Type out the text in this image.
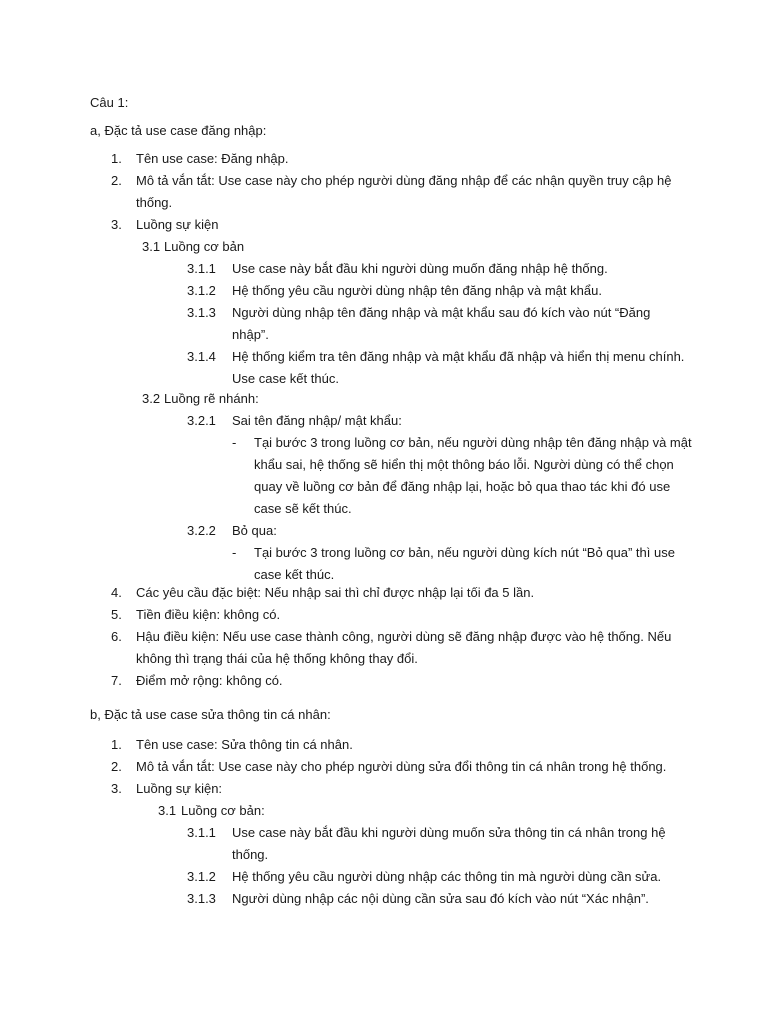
Câu 1:
a, Đặc tả use case đăng nhập:
1. Tên use case: Đăng nhập.
2. Mô tả vắn tắt: Use case này cho phép người dùng đăng nhập để các nhận quyền truy cập hệ
thống.
3. Luồng sự kiện
3.1 Luồng cơ bản
3.1.1 Use case này bắt đầu khi người dùng muốn đăng nhập hệ thống.
3.1.2 Hệ thống yêu cầu người dùng nhập tên đăng nhập và mật khẩu.
3.1.3 Người dùng nhập tên đăng nhập và mật khẩu sau đó kích vào nút “Đăng
nhập”.
3.1.4 Hệ thống kiểm tra tên đăng nhập và mật khẩu đã nhập và hiển thị menu chính.
Use case kết thúc.
3.2 Luồng rẽ nhánh:
3.2.1 Sai tên đăng nhập/ mật khẩu:
- Tại bước 3 trong luồng cơ bản, nếu người dùng nhập tên đăng nhập và mật
khẩu sai, hệ thống sẽ hiển thị một thông báo lỗi. Người dùng có thể chọn
quay về luồng cơ bản để đăng nhập lại, hoặc bỏ qua thao tác khi đó use
case sẽ kết thúc.
3.2.2 Bỏ qua:
- Tại bước 3 trong luồng cơ bản, nếu người dùng kích nút “Bỏ qua” thì use
case kết thúc.
4. Các yêu cầu đặc biệt: Nếu nhập sai thì chỉ được nhập lại tối đa 5 lần.
5. Tiền điều kiện: không có.
6. Hậu điều kiện: Nếu use case thành công, người dùng sẽ đăng nhập được vào hệ thống. Nếu
không thì trạng thái của hệ thống không thay đổi.
7. Điểm mở rộng: không có.
b, Đặc tả use case sửa thông tin cá nhân:
1. Tên use case: Sửa thông tin cá nhân.
2. Mô tả vắn tắt: Use case này cho phép người dùng sửa đổi thông tin cá nhân trong hệ thống.
3. Luồng sự kiện:
3.1 Luồng cơ bản:
3.1.1 Use case này bắt đầu khi người dùng muốn sửa thông tin cá nhân trong hệ
thống.
3.1.2 Hệ thống yêu cầu người dùng nhập các thông tin mà người dùng cần sửa.
3.1.3 Người dùng nhập các nội dùng cần sửa sau đó kích vào nút “Xác nhận”.
